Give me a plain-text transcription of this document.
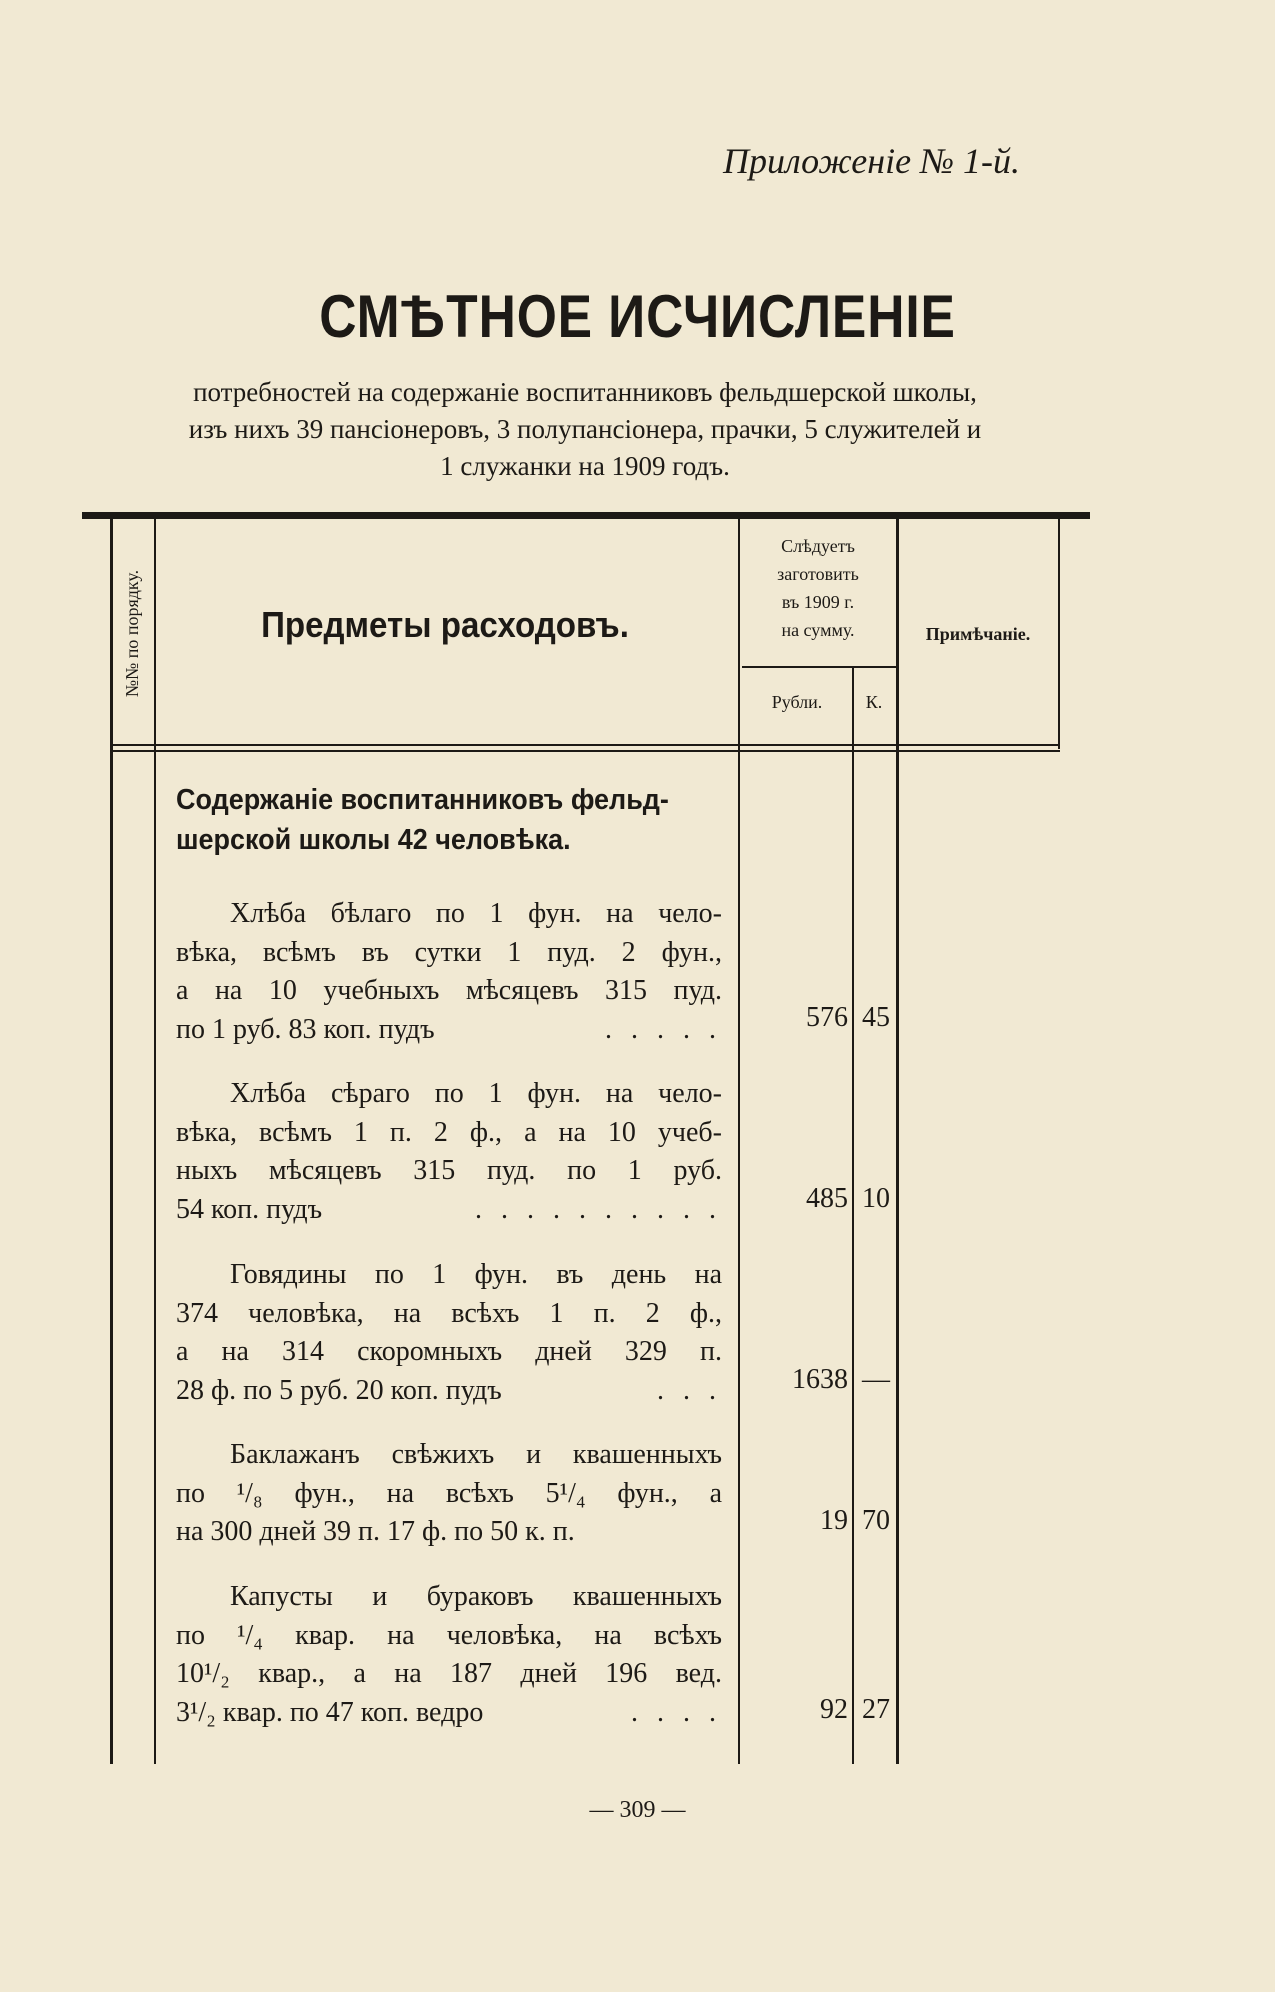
Приложенiе № 1-й.
СМѢТНОЕ ИСЧИСЛЕНIЕ
потребностей на содержанiе воспитанниковъ фельдшерской школы,
изъ нихъ 39 пансiонеровъ, 3 полупансiонера, прачки, 5 служителей и
1 служанки на 1909 годъ.
№№ по порядку.	Предметы расходовъ.
Слѣдуетъ
заготовить
въ 1909 г.
на сумму.	Примѣчанiе.
Рубли.	К.
Содержанiе воспитанниковъ фельд-
шерской школы 42 человѣка.
Хлѣба бѣлаго по 1 фун. на чело-
вѣка, всѣмъ въ сутки 1 пуд. 2 фун.,
а на 10 учебныхъ мѣсяцевъ 315 пуд.
по 1 руб. 83 коп. пудъ	. . . . .	576 45
Хлѣба сѣраго по 1 фун. на чело-
вѣка, всѣмъ 1 п. 2 ф., а на 10 учеб-
ныхъ мѣсяцевъ 315 пуд. по 1 руб.
54 коп. пудъ	. . . . . . . . . .	485 10
Говядины по 1 фун. въ день на
374 человѣка, на всѣхъ 1 п. 2 ф.,
а на 314 скоромныхъ дней 329 п.
28 ф. по 5 руб. 20 коп. пудъ	. . .	1638 —
Баклажанъ свѣжихъ и квашенныхъ
по ¹/₈ фун., на всѣхъ 5¹/₄ фун., а
на 300 дней 39 п. 17 ф. по 50 к. п.	19 70
Капусты и бураковъ квашенныхъ
по ¹/₄ квар. на человѣка, на всѣхъ
10¹/₂ квар., а на 187 дней 196 вед.
3¹/₂ квар. по 47 коп. ведро	. . . .	92 27
— 309 —
